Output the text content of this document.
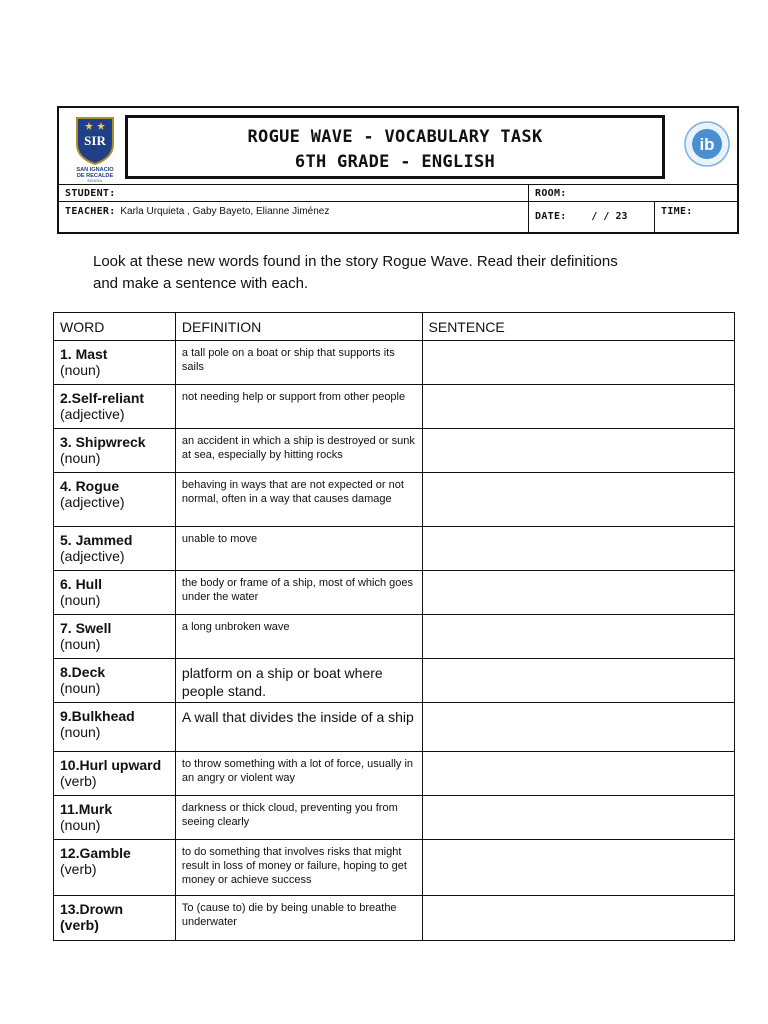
SIR
SAN IGNACIO
DE RECALDE
SCHOOL
ROGUE WAVE - VOCABULARY TASK
6TH GRADE - ENGLISH
ib
STUDENT:	ROOM:
TEACHER: Karla Urquieta , Gaby Bayeto, Elianne Jiménez	DATE: / / 23	TIME:
Look at these new words found in the story Rogue Wave. Read their definitions and make a sentence with each.
WORD	DEFINITION	SENTENCE

1. Mast
(noun)	a tall pole on a boat or ship that supports its sails	

2.Self-reliant
(adjective)	not needing help or support from other people	

3. Shipwreck
(noun)	an accident in which a ship is destroyed or sunk at sea, especially by hitting rocks	

4. Rogue
(adjective)	behaving in ways that are not expected or not normal, often in a way that causes damage	

5. Jammed
(adjective)	unable to move	

6. Hull
(noun)	the body or frame of a ship, most of which goes under the water	

7. Swell
(noun)	a long unbroken wave	

8.Deck
(noun)	platform on a ship or boat where people stand.	

9.Bulkhead
(noun)	A wall that divides the inside of a ship	

10.Hurl upward
(verb)	to throw something with a lot of force, usually in an angry or violent way	

11.Murk
(noun)	darkness or thick cloud, preventing you from seeing clearly	

12.Gamble
(verb)	to do something that involves risks that might result in loss of money or failure, hoping to get money or achieve success	

13.Drown
(verb)	To (cause to) die by being unable to breathe underwater	
